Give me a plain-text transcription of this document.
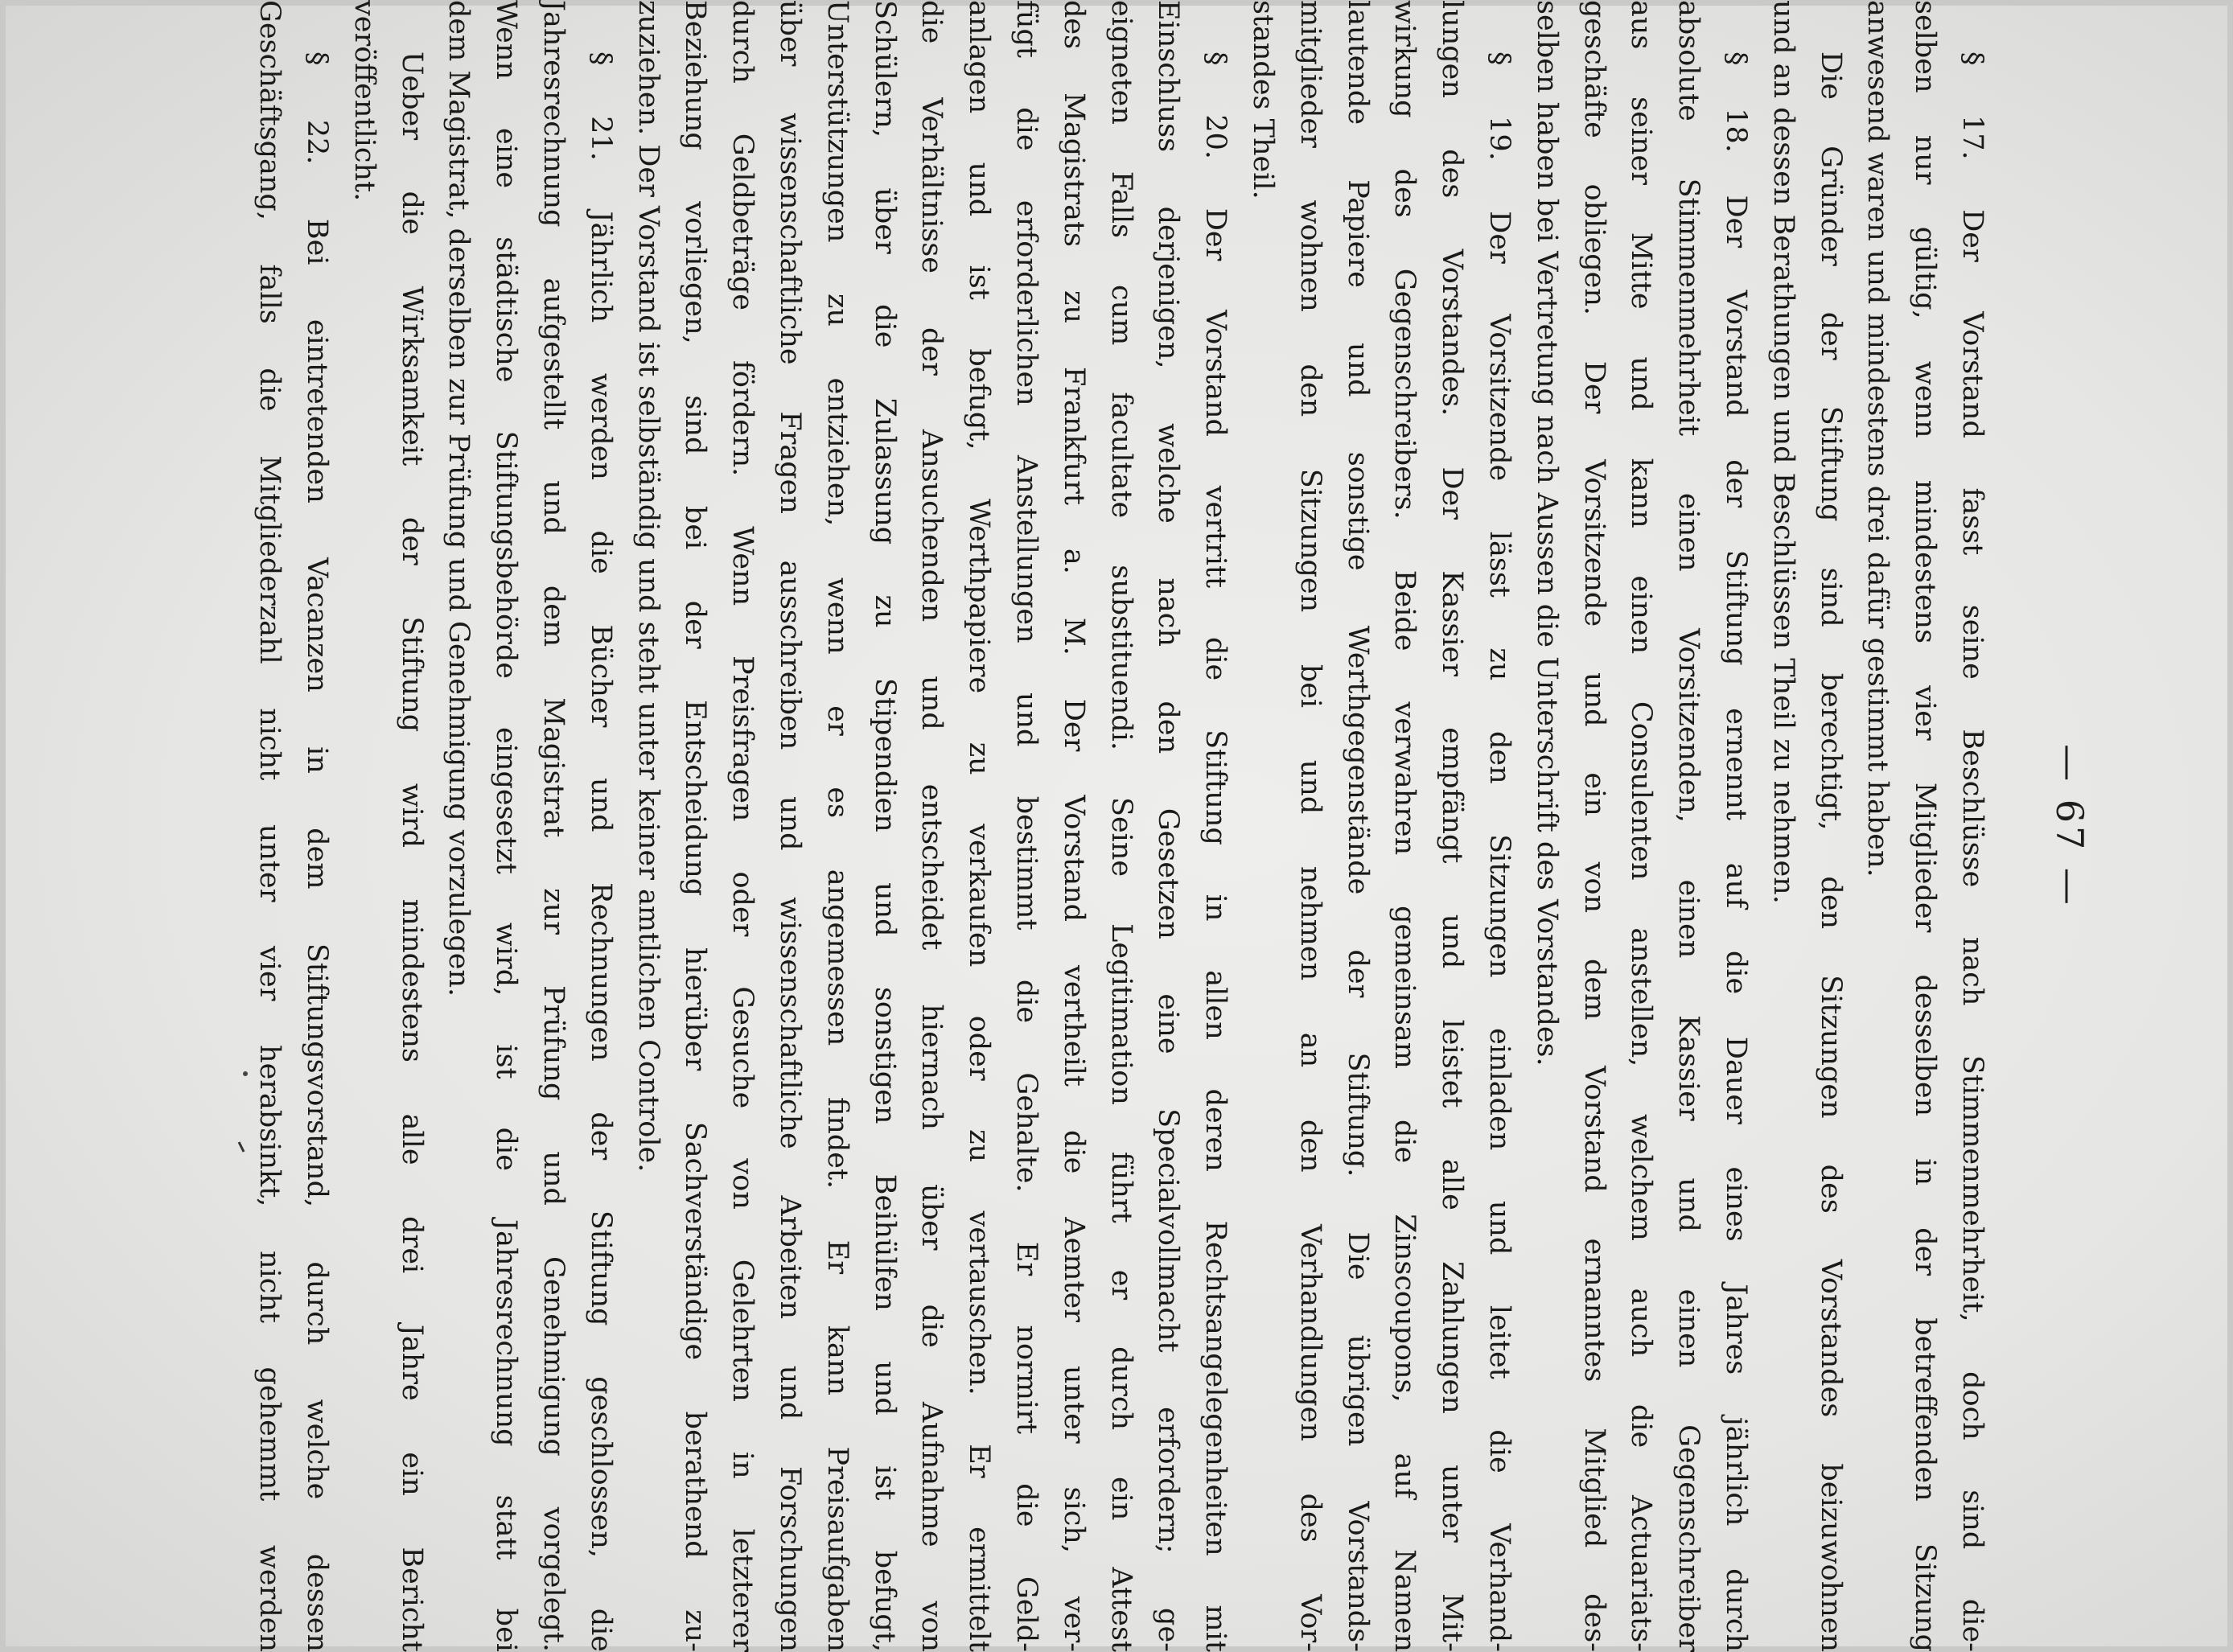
— 67 —
§ 17. Der Vorstand fasst seine Beschlüsse nach Stimmenmehrheit, doch sind die-
selben nur gültig, wenn mindestens vier Mitglieder desselben in der betreffenden Sitzung
anwesend waren und mindestens drei dafür gestimmt haben.
Die Gründer der Stiftung sind berechtigt, den Sitzungen des Vorstandes beizuwohnen
und an dessen Berathungen und Beschlüssen Theil zu nehmen.
§ 18. Der Vorstand der Stiftung ernennt auf die Dauer eines Jahres jährlich durch
absolute Stimmenmehrheit einen Vorsitzenden, einen Kassier und einen Gegenschreiber
aus seiner Mitte und kann einen Consulenten anstellen, welchem auch die Actuariats-
geschäfte obliegen. Der Vorsitzende und ein von dem Vorstand ernanntes Mitglied des-
selben haben bei Vertretung nach Aussen die Unterschrift des Vorstandes.
§ 19. Der Vorsitzende lässt zu den Sitzungen einladen und leitet die Verhand-
lungen des Vorstandes. Der Kassier empfängt und leistet alle Zahlungen unter Mit-
wirkung des Gegenschreibers. Beide verwahren gemeinsam die Zinscoupons, auf Namen
lautende Papiere und sonstige Werthgegenstände der Stiftung. Die übrigen Vorstands-
mitglieder wohnen den Sitzungen bei und nehmen an den Verhandlungen des Vor-
standes Theil.
§ 20. Der Vorstand vertritt die Stiftung in allen deren Rechtsangelegenheiten mit
Einschluss derjenigen, welche nach den Gesetzen eine Specialvollmacht erfordern; ge-
eigneten Falls cum facultate substituendi. Seine Legitimation führt er durch ein Attest
des Magistrats zu Frankfurt a. M. Der Vorstand vertheilt die Aemter unter sich, ver-
fügt die erforderlichen Anstellungen und bestimmt die Gehalte. Er normirt die Geld-
anlagen und ist befugt, Werthpapiere zu verkaufen oder zu vertauschen. Er ermittelt
die Verhältnisse der Ansuchenden und entscheidet hiernach über die Aufnahme von
Schülern, über die Zulassung zu Stipendien und sonstigen Beihülfen und ist befugt,
Unterstützungen zu entziehen, wenn er es angemessen findet. Er kann Preisaufgaben
über wissenschaftliche Fragen ausschreiben und wissenschaftliche Arbeiten und Forschungen
durch Geldbeträge fördern. Wenn Preisfragen oder Gesuche von Gelehrten in letzterer
Beziehung vorliegen, sind bei der Entscheidung hierüber Sachverständige berathend zu-
zuziehen. Der Vorstand ist selbständig und steht unter keiner amtlichen Controle.
§ 21. Jährlich werden die Bücher und Rechnungen der Stiftung geschlossen, die
Jahresrechnung aufgestellt und dem Magistrat zur Prüfung und Genehmigung vorgelegt.
Wenn eine städtische Stiftungsbehörde eingesetzt wird, ist die Jahresrechnung statt bei
dem Magistrat, derselben zur Prüfung und Genehmigung vorzulegen.
Ueber die Wirksamkeit der Stiftung wird mindestens alle drei Jahre ein Bericht
veröffentlicht.
§ 22. Bei eintretenden Vacanzen in dem Stiftungsvorstand, durch welche dessen
Geschäftsgang, falls die Mitgliederzahl nicht unter vier herabsinkt, nicht gehemmt werden
